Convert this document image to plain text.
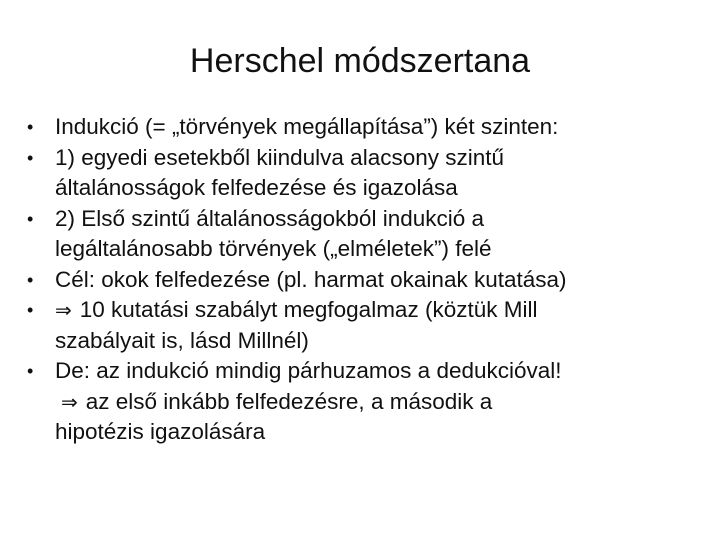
Herschel módszertana
• Indukció (= „törvények megállapítása”) két szinten:
• 1) egyedi esetekből kiindulva alacsony szintű
általánosságok felfedezése és igazolása
• 2) Első szintű általánosságokból indukció a
legáltalánosabb törvények („elméletek”) felé
• Cél: okok felfedezése (pl. harmat okainak kutatása)
• ⇒ 10 kutatási szabályt megfogalmaz (köztük Mill
szabályait is, lásd Millnél)
• De: az indukció mindig párhuzamos a dedukcióval!
⇒ az első inkább felfedezésre, a második a
hipotézis igazolására
